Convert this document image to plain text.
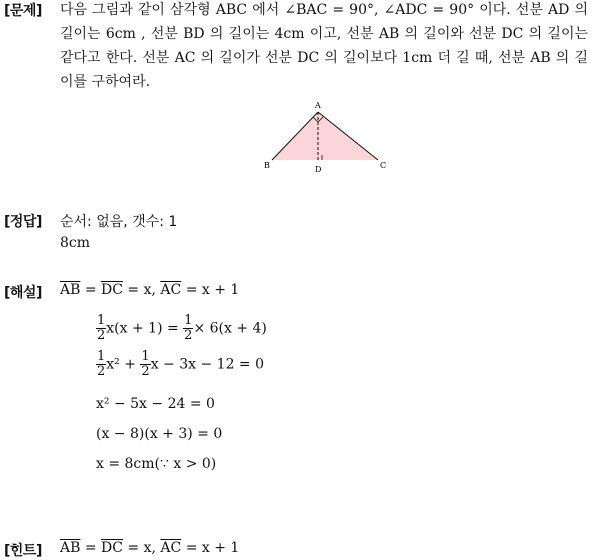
[문제] 다음 그림과 같이 삼각형 ABC 에서 ∠BAC = 90°, ∠ADC = 90° 이다. 선분 AD 의 길이는 6cm , 선분 BD 의 길이는 4cm 이고, 선분 AB 의 길이와 선분 DC 의 길이는 같다고 한다. 선분 AC 의 길이가 선분 DC 의 길이보다 1cm 더 길 때, 선분 AB 의 길이를 구하여라.
A
B	C
D
[정답] 순서: 없음, 갯수: 1
8cm
[해설] $\overline{AB} = \overline{DC} = x$, $\overline{AC} = x + 1$
$\frac{1}{2} x(x + 1) = \frac{1}{2} \times 6(x + 4)$
$\frac{1}{2} x^2 + \frac{1}{2}$ x − 3x − 12 = 0
x² − 5x − 24 = 0
(x − 8)(x + 3) = 0
x = 8cm(∵ x > 0)
[힌트] $\overline{AB} = \overline{DC} = x$, $\overline{AC} = x + 1$
